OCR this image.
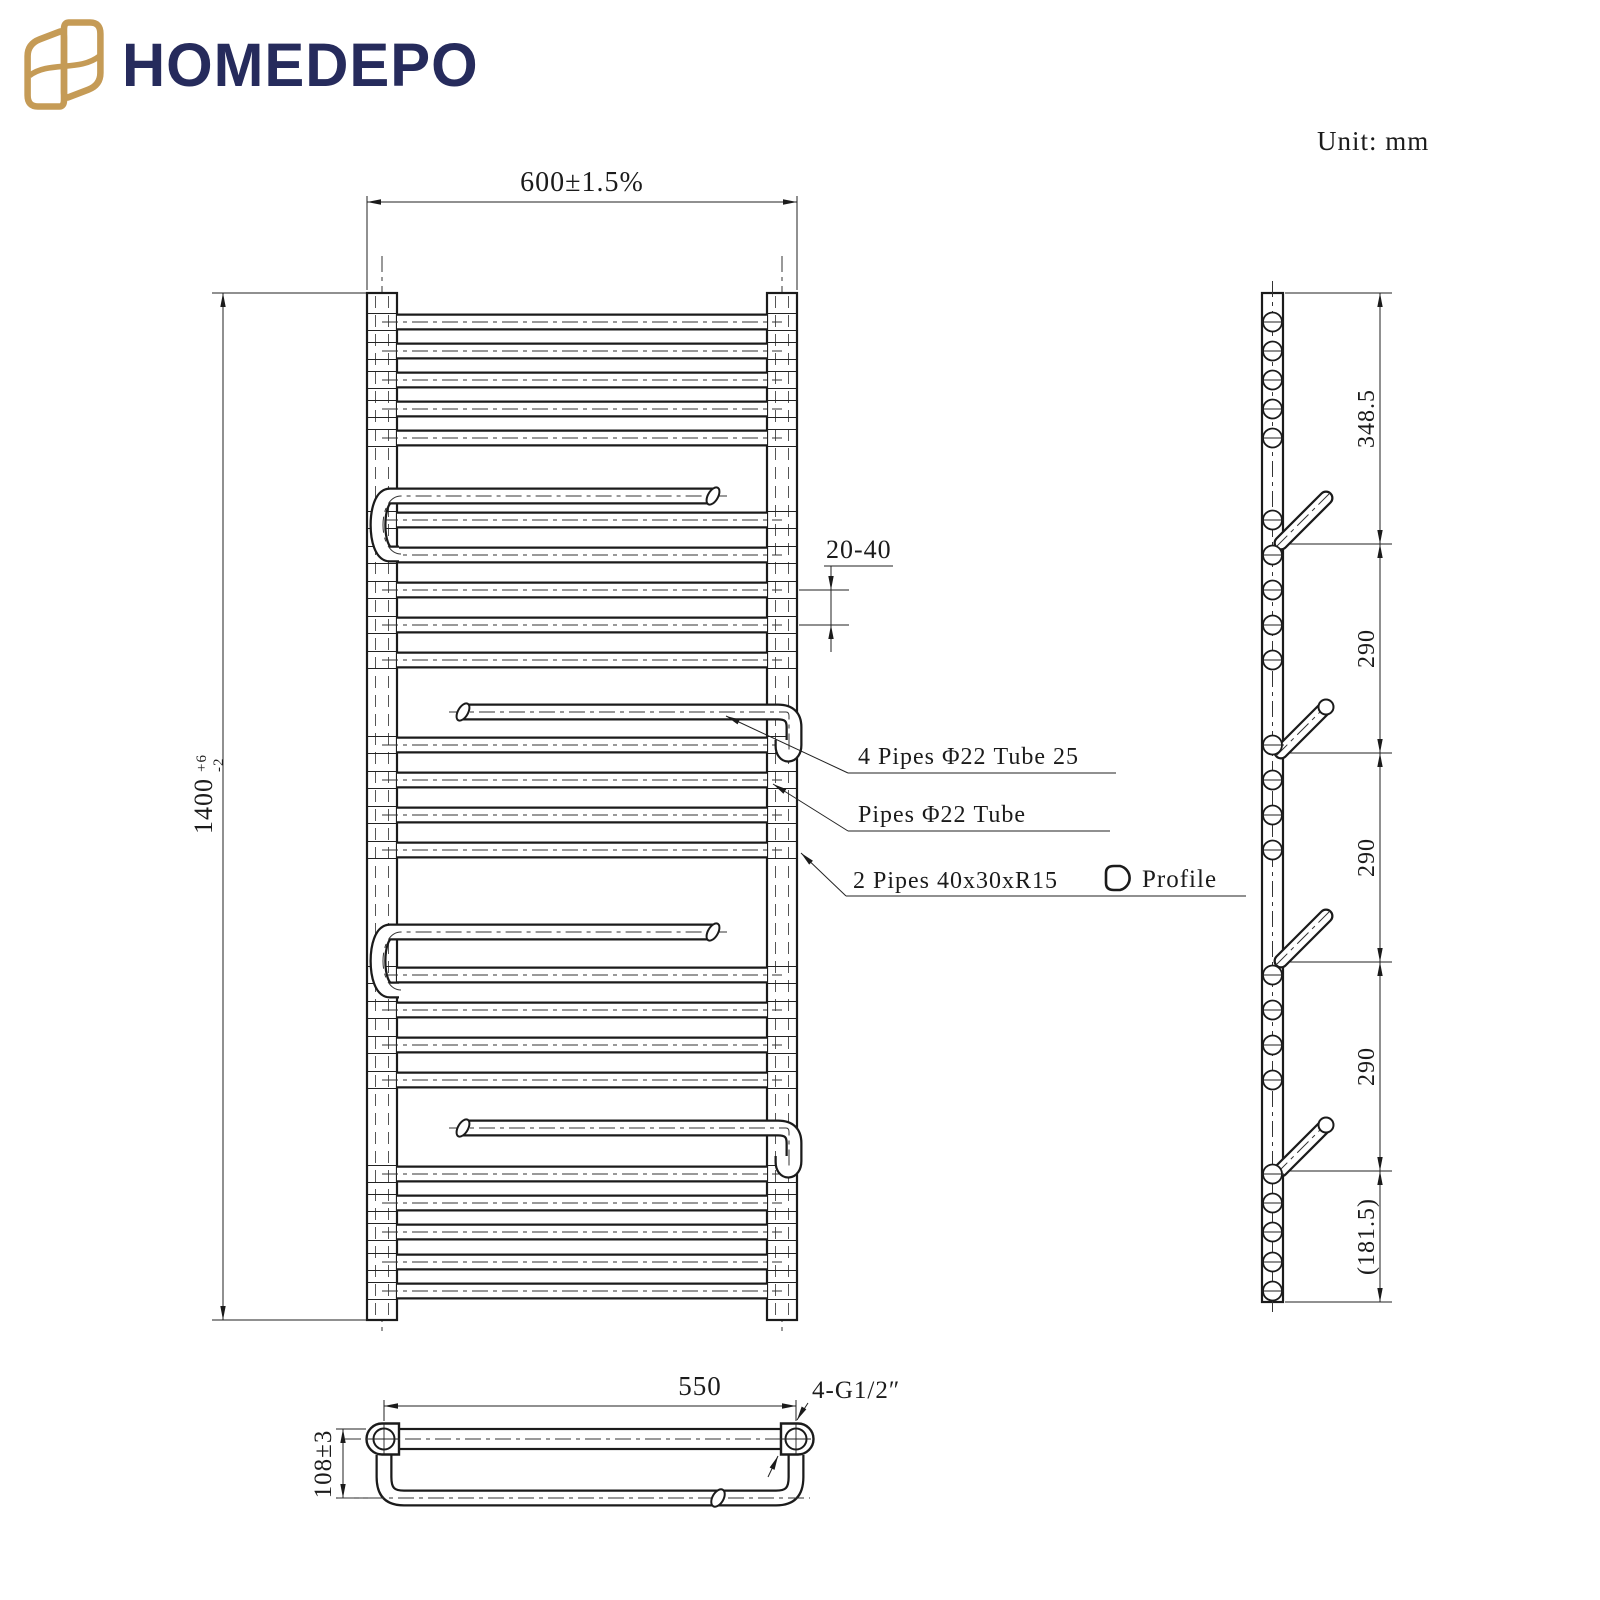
HOMEDEPO
Unit: mm
600±1.5%
1400
+6 -2
20-40
4 Pipes Φ22 Tube 25
Pipes Φ22 Tube
2 Pipes 40x30xR15	Profile
348.5
290
290
290
(181.5)
550
108±3
4-G1/2″
